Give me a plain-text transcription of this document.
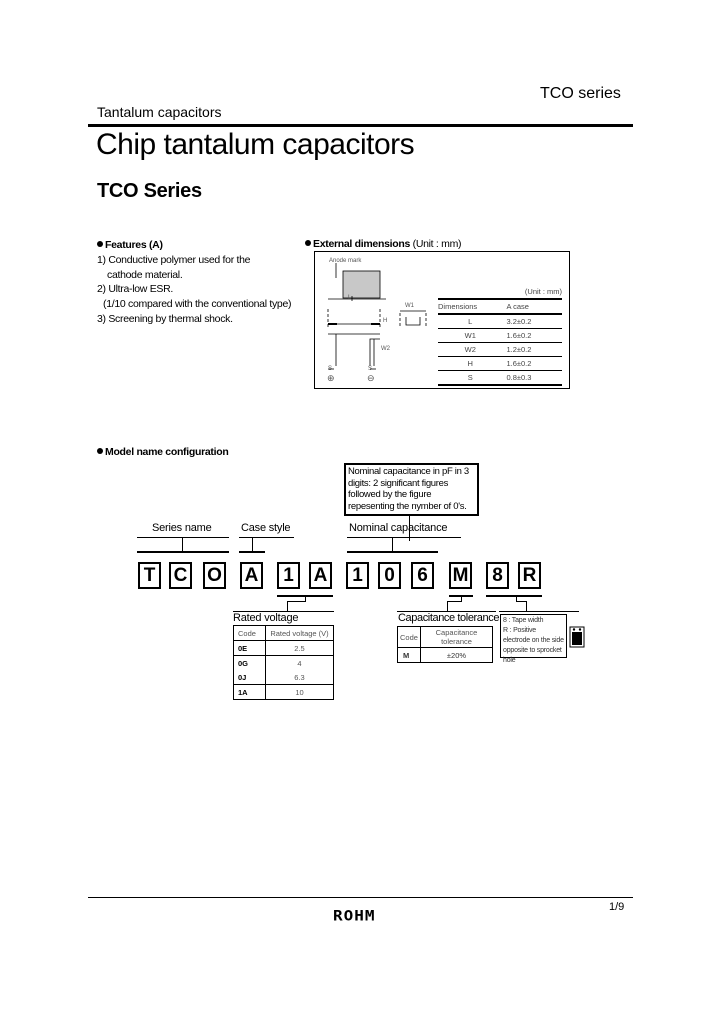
TCO series
Tantalum capacitors
Chip tantalum capacitors
TCO Series
Features (A)
1) Conductive polymer used for the
cathode material.
2) Ultra-low ESR.
(1/10 compared with the conventional type)
3) Screening by thermal shock.
External dimensions (Unit : mm)
Anode mark
L
H
W1
W2
S	S
⊕	⊖
(Unit : mm)
Dimensions	A case
L	3.2±0.2
W1	1.6±0.2
W2	1.2±0.2
H	1.6±0.2
S	0.8±0.3
Model name configuration
Nominal capacitance in pF in 3 digits: 2 significant figures followed by the figure repesenting the nymber of 0's.
Series name	Case style	Nominal capacitance
T C O A	1	A	1	0	6	M	8	R
Rated voltage
Code	Rated voltage (V)
0E	2.5
0G	4
0J	6.3
1A	10
Capacitance tolerance
Code	Capacitance tolerance
M	±20%
8 : Tape width
R : Positive electrode on the side opposite to sprocket hole
ROHM	1/9
